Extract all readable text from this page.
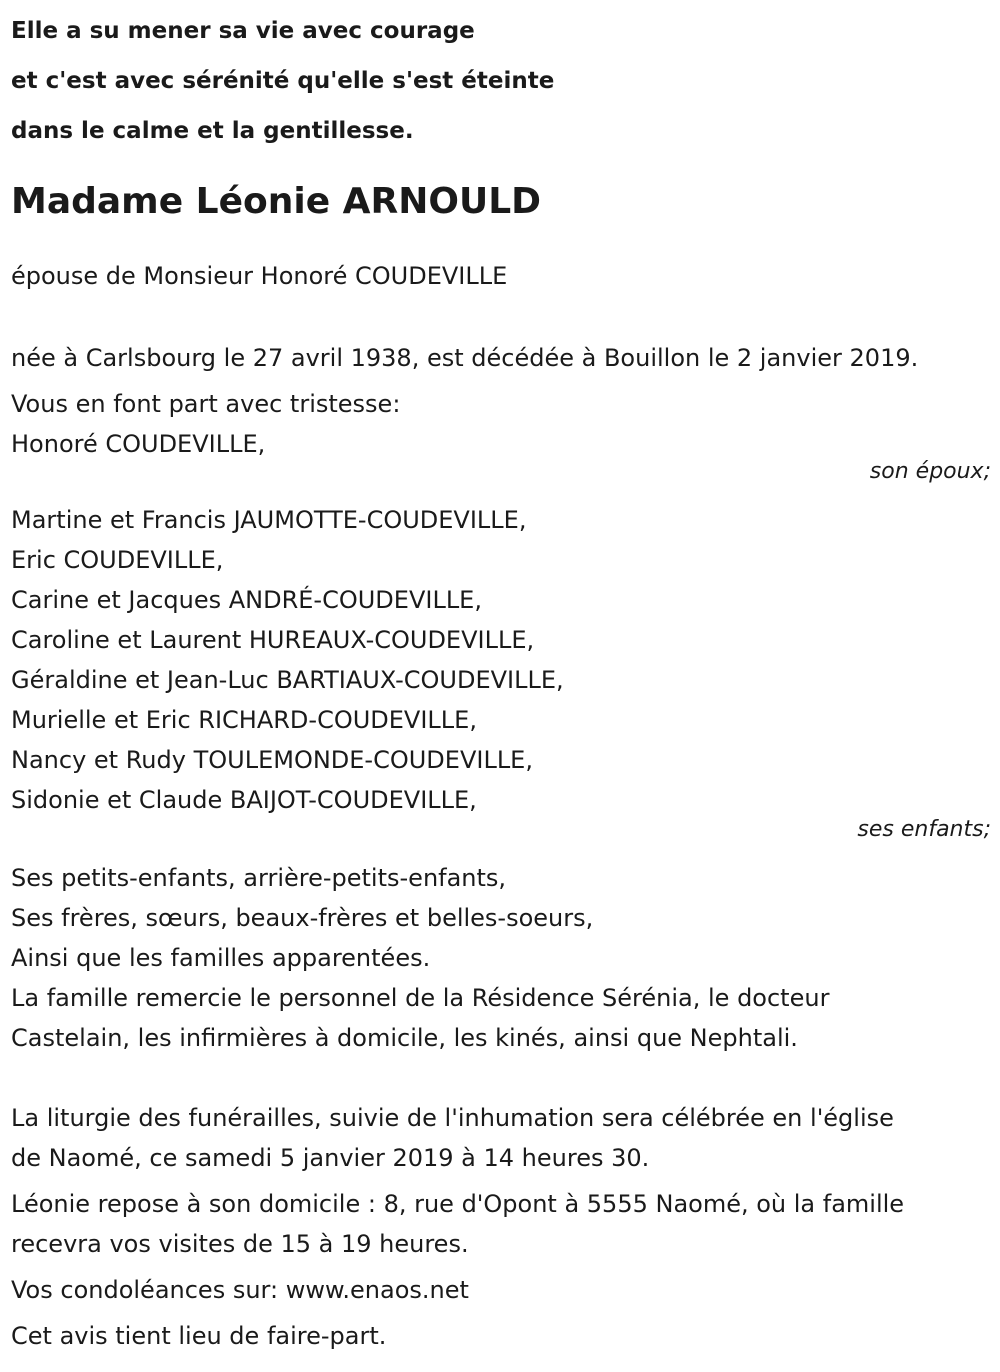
Elle a su mener sa vie avec courage
et c'est avec sérénité qu'elle s'est éteinte
dans le calme et la gentillesse.
Madame Léonie ARNOULD
épouse de Monsieur Honoré COUDEVILLE
née à Carlsbourg le 27 avril 1938, est décédée à Bouillon le 2 janvier 2019.
Vous en font part avec tristesse:
Honoré COUDEVILLE,
son époux;
Martine et Francis JAUMOTTE-COUDEVILLE,
Eric COUDEVILLE,
Carine et Jacques ANDRÉ-COUDEVILLE,
Caroline et Laurent HUREAUX-COUDEVILLE,
Géraldine et Jean-Luc BARTIAUX-COUDEVILLE,
Murielle et Eric RICHARD-COUDEVILLE,
Nancy et Rudy TOULEMONDE-COUDEVILLE,
Sidonie et Claude BAIJOT-COUDEVILLE,
ses enfants;
Ses petits-enfants, arrière-petits-enfants,
Ses frères, sœurs, beaux-frères et belles-soeurs,
Ainsi que les familles apparentées.
La famille remercie le personnel de la Résidence Sérénia, le docteur
Castelain, les infirmières à domicile, les kinés, ainsi que Nephtali.
La liturgie des funérailles, suivie de l'inhumation sera célébrée en l'église
de Naomé, ce samedi 5 janvier 2019 à 14 heures 30.
Léonie repose à son domicile : 8, rue d'Opont à 5555 Naomé, où la famille
recevra vos visites de 15 à 19 heures.
Vos condoléances sur: www.enaos.net
Cet avis tient lieu de faire-part.
